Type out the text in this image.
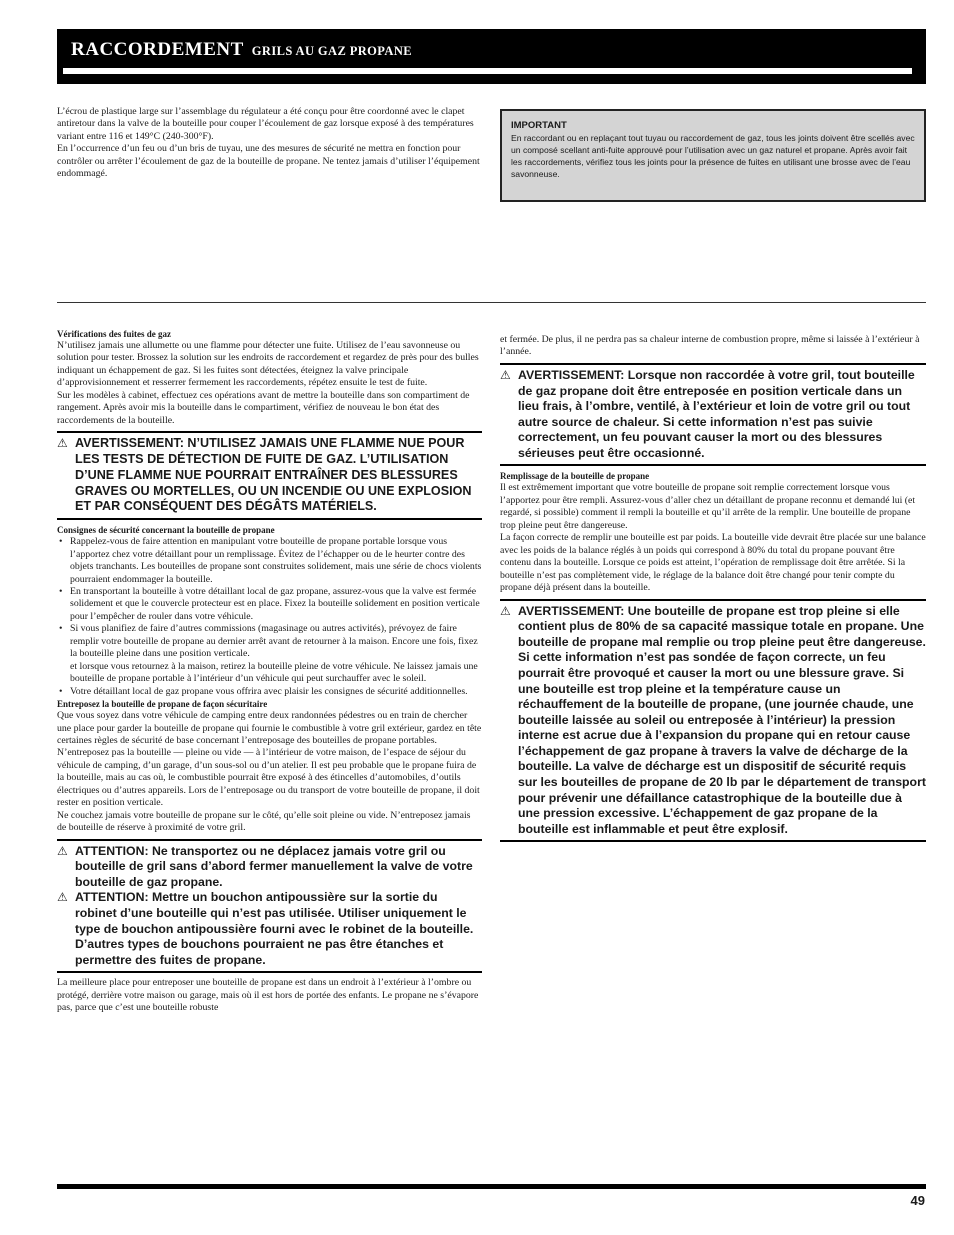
RACCORDEMENT GRILS AU GAZ PROPANE

L’écrou de plastique large sur l’assemblage du régulateur a été conçu pour être coordonné avec le clapet antiretour dans la valve de la bouteille pour couper l’écoulement de gaz lorsque exposé à des températures variant entre 116 et 149°C (240-300°F).

En l’occurrence d’un feu ou d’un bris de tuyau, une des mesures de sécurité ne mettra en fonction pour contrôler ou arrêter l’écoulement de gaz de la bouteille de propane. Ne tentez jamais d’utiliser l’équipement endommagé.

IMPORTANT
En raccordant ou en replaçant tout tuyau ou raccordement de gaz, tous les joints doivent être scellés avec un composé scellant anti-fuite approuvé pour l’utilisation avec un gaz naturel et propane. Après avoir fait les raccordements, vérifiez tous les joints pour la présence de fuites en utilisant une brosse avec de l’eau savonneuse.
Vérifications des fuites de gaz

N’utilisez jamais une allumette ou une flamme pour détecter une fuite. Utilisez de l’eau savonneuse ou solution pour tester. Brossez la solution sur les endroits de raccordement et regardez de près pour des bulles indiquant un échappement de gaz. Si les fuites sont détectées, éteignez la valve principale d’approvisionnement et resserrer fermement les raccordements, répétez ensuite le test de fuite.

Sur les modèles à cabinet, effectuez ces opérations avant de mettre la bouteille dans son compartiment de rangement. Après avoir mis la bouteille dans le compartiment, vérifiez de nouveau le bon état des raccordements de la bouteille.

⚠ AVERTISSEMENT: N’UTILISEZ JAMAIS UNE FLAMME NUE POUR LES TESTS DE DÉTECTION DE FUITE DE GAZ. L’UTILISATION D’UNE FLAMME NUE POURRAIT ENTRAÎNER DES BLESSURES GRAVES OU MORTELLES, OU UN INCENDIE OU UNE EXPLOSION ET PAR CONSÉQUENT DES DÉGÂTS MATÉRIELS.
Consignes de sécurité concernant la bouteille de propane
• Rappelez-vous de faire attention en manipulant votre bouteille de propane portable lorsque vous l’apportez chez votre détaillant pour un remplissage. Évitez de l’échapper ou de le heurter contre des objets tranchants. Les bouteilles de propane sont construites solidement, mais une série de chocs violents pourraient endommager la bouteille.
• En transportant la bouteille à votre détaillant local de gaz propane, assurez-vous que la valve est fermée solidement et que le couvercle protecteur est en place. Fixez la bouteille solidement en position verticale pour l’empêcher de rouler dans votre véhicule.
• Si vous planifiez de faire d’autres commissions (magasinage ou autres activités), prévoyez de faire remplir votre bouteille de propane au dernier arrêt avant de retourner à la maison. Encore une fois, fixez la bouteille pleine dans une position verticale.
et lorsque vous retournez à la maison, retirez la bouteille pleine de votre véhicule. Ne laissez jamais une bouteille de propane portable à l’intérieur d’un véhicule qui peut surchauffer avec le soleil.
• Votre détaillant local de gaz propane vous offrira avec plaisir les consignes de sécurité additionnelles.
Entreposez la bouteille de propane de façon sécuritaire

Que vous soyez dans votre véhicule de camping entre deux randonnées pédestres ou en train de chercher une place pour garder la bouteille de propane qui fournie le combustible à votre gril extérieur, gardez en tête certaines règles de sécurité de base concernant l’entreposage des bouteilles de propane portables. N’entreposez pas la bouteille — pleine ou vide — à l’intérieur de votre maison, de l’espace de séjour du véhicule de camping, d’un garage, d’un sous-sol ou d’un atelier. Il est peu probable que le propane fuira de la bouteille, mais au cas où, le combustible pourrait être exposé à des étincelles d’automobiles, d’outils électriques ou d’autres appareils. Lors de l’entreposage ou du transport de votre bouteille de propane, il doit rester en position verticale.

Ne couchez jamais votre bouteille de propane sur le côté, qu’elle soit pleine ou vide. N’entreposez jamais de bouteille de réserve à proximité de votre gril.

⚠ ATTENTION: Ne transportez ou ne déplacez jamais votre gril ou bouteille de gril sans d’abord fermer manuellement la valve de votre bouteille de gaz propane.
⚠ ATTENTION: Mettre un bouchon antipoussière sur la sortie du robinet d’une bouteille qui n’est pas utilisée. Utiliser uniquement le type de bouchon antipoussière fourni avec le robinet de la bouteille. D’autres types de bouchons pourraient ne pas être étanches et permettre des fuites de propane.

La meilleure place pour entreposer une bouteille de propane est dans un endroit à l’extérieur à l’ombre ou protégé, derrière votre maison ou garage, mais où il est hors de portée des enfants. Le propane ne s’évapore pas, parce que c’est une bouteille robuste

et fermée. De plus, il ne perdra pas sa chaleur interne de combustion propre, même si laissée à l’extérieur à l’année.

⚠ AVERTISSEMENT: Lorsque non raccordée à votre gril, tout bouteille de gaz propane doit être entreposée en position verticale dans un lieu frais, à l’ombre, ventilé, à l’extérieur et loin de votre gril ou tout autre source de chaleur. Si cette information n’est pas suivie correctement, un feu pouvant causer la mort ou des blessures sérieuses peut être occasionné.
Remplissage de la bouteille de propane

Il est extrêmement important que votre bouteille de propane soit remplie correctement lorsque vous l’apportez pour être rempli. Assurez-vous d’aller chez un détaillant de propane reconnu et demandé lui (et regardé, si possible) comment il rempli la bouteille et qu’il arrête de la remplir. Une bouteille de propane trop pleine peut être dangereuse.

La façon correcte de remplir une bouteille est par poids. La bouteille vide devrait être placée sur une balance avec les poids de la balance réglés à un poids qui correspond à 80% du total du propane pouvant être contenu dans la bouteille. Lorsque ce poids est atteint, l’opération de remplissage doit être arrêtée. Si la bouteille n’est pas complètement vide, le réglage de la balance doit être changé pour tenir compte du propane déjà présent dans la bouteille.

⚠ AVERTISSEMENT: Une bouteille de propane est trop pleine si elle contient plus de 80% de sa capacité massique totale en propane. Une bouteille de propane mal remplie ou trop pleine peut être dangereuse. Si cette information n’est pas sondée de façon correcte, un feu pourrait être provoqué et causer la mort ou une blessure grave. Si une bouteille est trop pleine et la température cause un réchauffement de la bouteille de propane, (une journée chaude, une bouteille laissée au soleil ou entreposée à l’intérieur) la pression interne est acrue due à l’expansion du propane qui en retour cause l’échappement de gaz propane à travers la valve de décharge de la bouteille. La valve de décharge est un dispositif de sécurité requis sur les bouteilles de propane de 20 lb par le département de transport pour prévenir une défaillance catastrophique de la bouteille due à une pression excessive. L’échappement de gaz propane de la bouteille est inflammable et peut être explosif.
49
